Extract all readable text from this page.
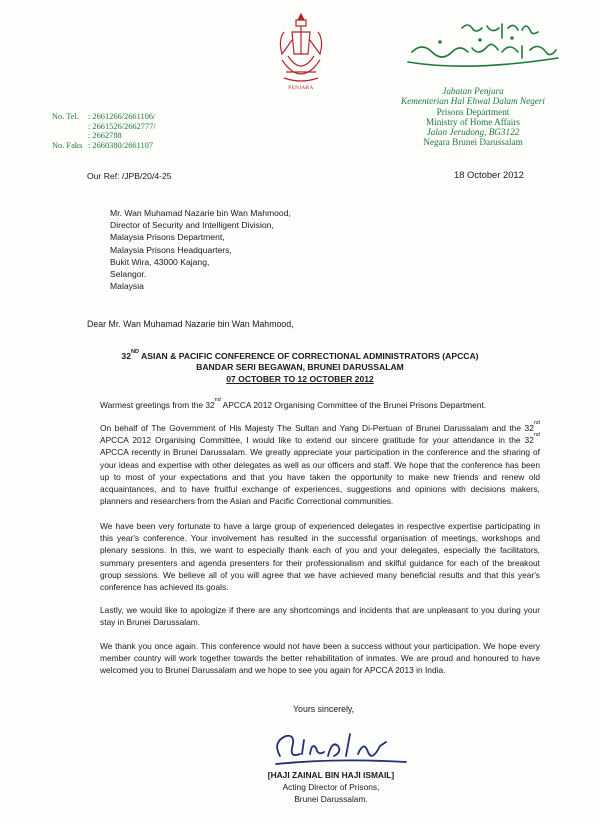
PENJARA	Jabatan Penjara
Kementerian Hal Ehwal Dalam Negeri
Prisons Department
Ministry of Home Affairs
Jalan Jerudong, BG3122
Negara Brunei Darussalam
No. Tel. : 2661266/2661106/
: 2661526/2662777/
: 2662788
No. Faks : 2660380/2661107
Our Ref: /JPB/20/4-25	18 October 2012
Mr. Wan Muhamad Nazarie bin Wan Mahmood,
Director of Security and Intelligent Division,
Malaysia Prisons Department,
Malaysia Prisons Headquarters,
Bukit Wira, 43000 Kajang,
Selangor.
Malaysia
Dear Mr. Wan Muhamad Nazarie bin Wan Mahmood,
32ND ASIAN & PACIFIC CONFERENCE OF CORRECTIONAL ADMINISTRATORS (APCCA)
BANDAR SERI BEGAWAN, BRUNEI DARUSSALAM
07 OCTOBER TO 12 OCTOBER 2012
Warmest greetings from the 32nd APCCA 2012 Organising Committee of the Brunei Prisons Department.
On behalf of The Government of His Majesty The Sultan and Yang Di-Pertuan of Brunei Darussalam and the 32nd APCCA 2012 Organising Committee, I would like to extend our sincere gratitude for your attendance in the 32nd APCCA recently in Brunei Darussalam. We greatly appreciate your participation in the conference and the sharing of your ideas and expertise with other delegates as well as our officers and staff. We hope that the conference has been up to most of your expectations and that you have taken the opportunity to make new friends and renew old acquaintances, and to have fruitful exchange of experiences, suggestions and opinions with decisions makers, planners and researchers from the Asian and Pacific Correctional communities.
We have been very fortunate to have a large group of experienced delegates in respective expertise participating in this year's conference. Your involvement has resulted in the successful organisation of meetings, workshops and plenary sessions. In this, we want to especially thank each of you and your delegates, especially the facilitators, summary presenters and agenda presenters for their professionalism and skilful guidance for each of the breakout group sessions. We believe all of you will agree that we have achieved many beneficial results and that this year's conference has achieved its goals.
Lastly, we would like to apologize if there are any shortcomings and incidents that are unpleasant to you during your stay in Brunei Darussalam.
We thank you once again. This conference would not have been a success without your participation. We hope every member country will work together towards the better rehabilitation of inmates. We are proud and honoured to have welcomed you to Brunei Darussalam and we hope to see you again for APCCA 2013 in India.
Yours sincerely,
[HAJI ZAINAL BIN HAJI ISMAIL]
Acting Director of Prisons,
Brunei Darussalam.
